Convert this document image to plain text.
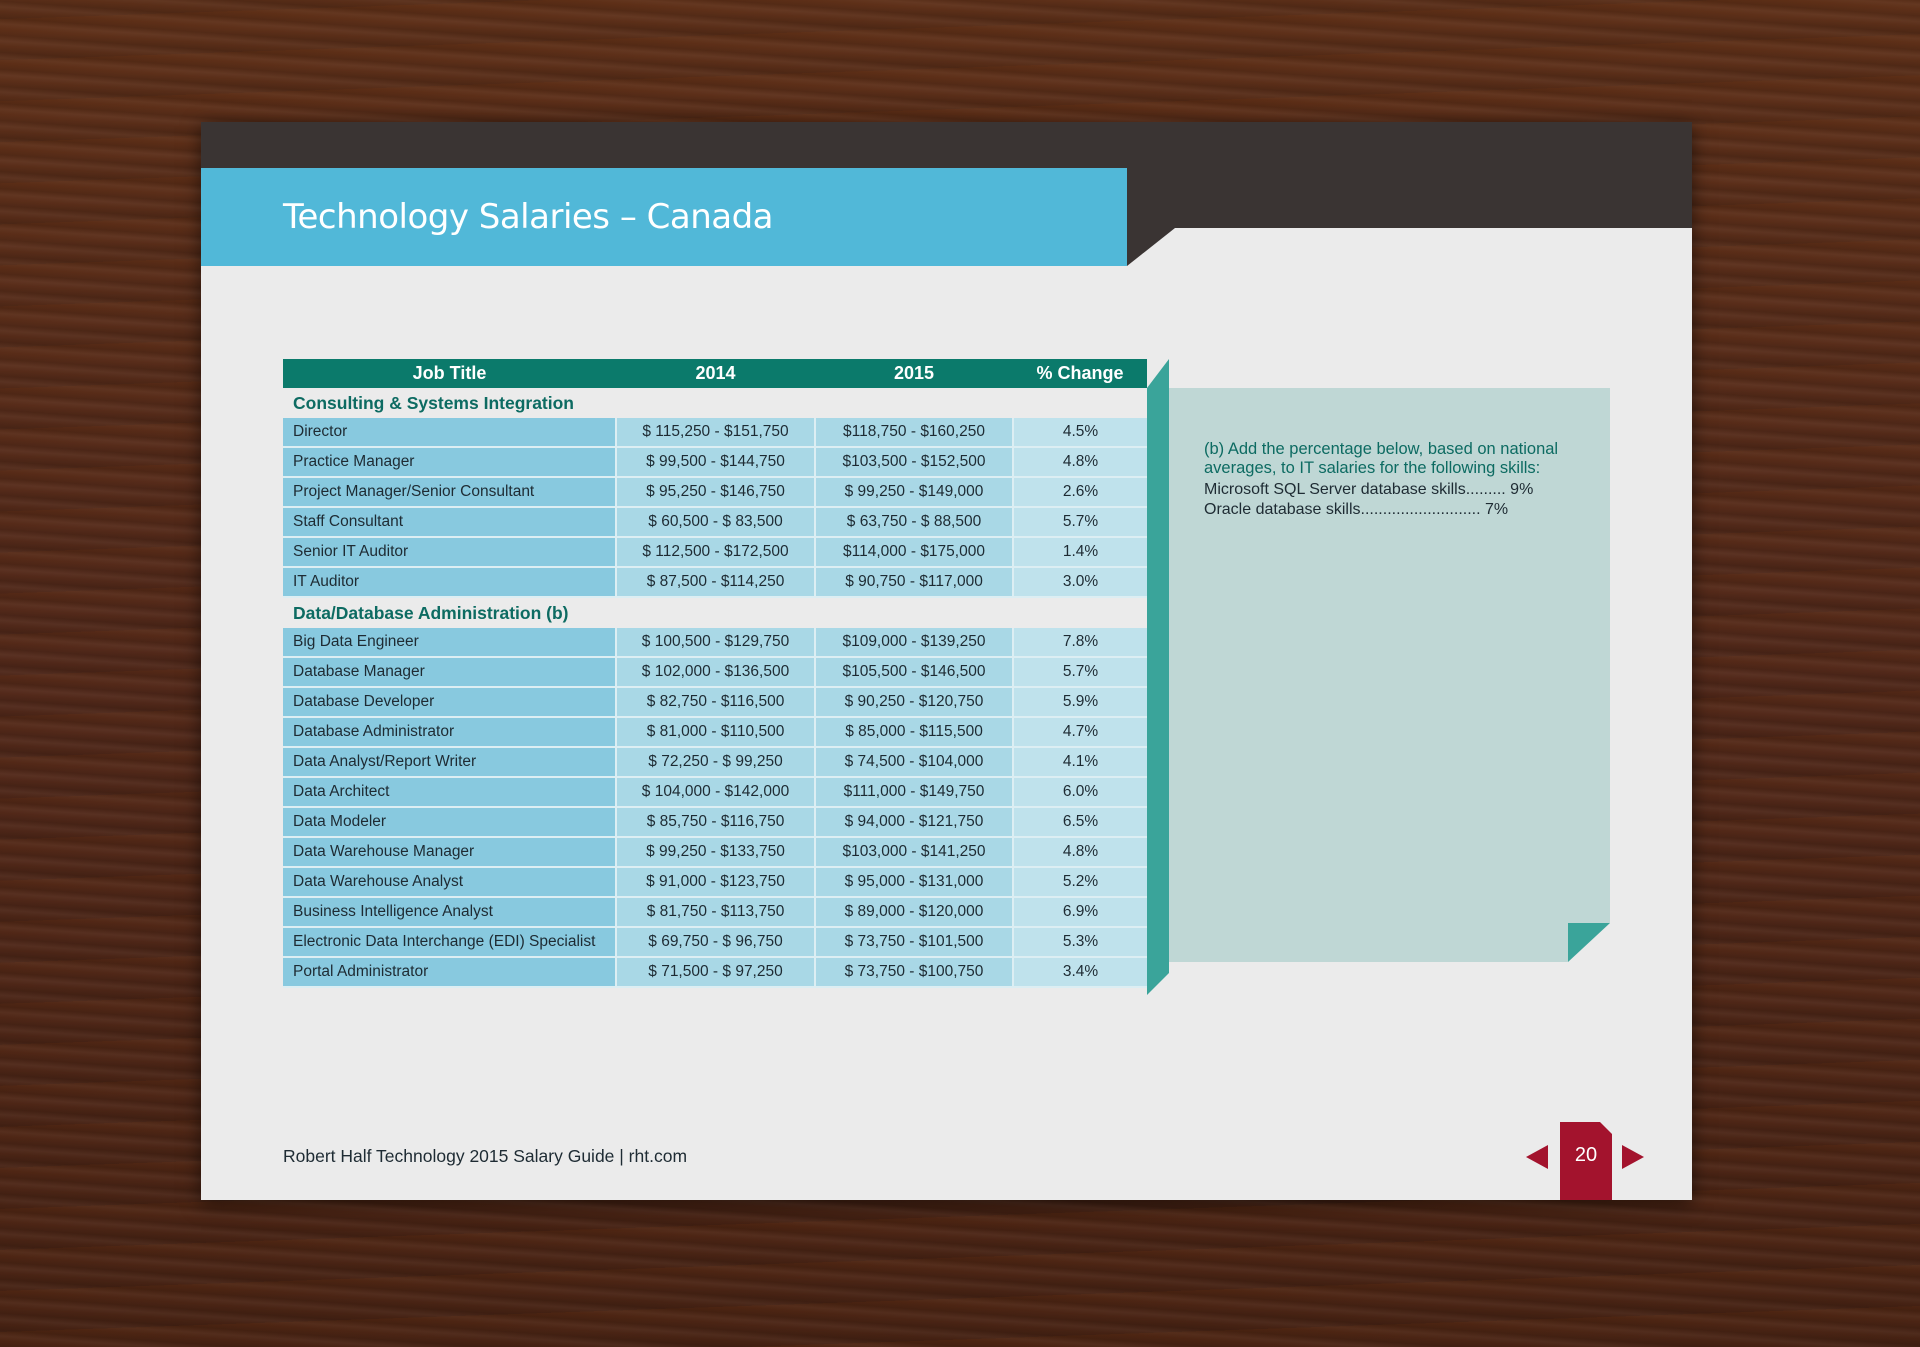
Technology Salaries – Canada
Job Title	2014	2015	% Change
Consulting & Systems Integration			
Director	$ 115,250 - $151,750	$118,750 - $160,250	4.5%
Practice Manager	$ 99,500 - $144,750	$103,500 - $152,500	4.8%
Project Manager/Senior Consultant	$ 95,250 - $146,750	$ 99,250 - $149,000	2.6%
Staff Consultant	$ 60,500 - $ 83,500	$ 63,750 - $ 88,500	5.7%
Senior IT Auditor	$ 112,500 - $172,500	$114,000 - $175,000	1.4%
IT Auditor	$ 87,500 - $114,250	$ 90,750 - $117,000	3.0%
Data/Database Administration (b)			
Big Data Engineer	$ 100,500 - $129,750	$109,000 - $139,250	7.8%
Database Manager	$ 102,000 - $136,500	$105,500 - $146,500	5.7%
Database Developer	$ 82,750 - $116,500	$ 90,250 - $120,750	5.9%
Database Administrator	$ 81,000 - $110,500	$ 85,000 - $115,500	4.7%
Data Analyst/Report Writer	$ 72,250 - $ 99,250	$ 74,500 - $104,000	4.1%
Data Architect	$ 104,000 - $142,000	$111,000 - $149,750	6.0%
Data Modeler	$ 85,750 - $116,750	$ 94,000 - $121,750	6.5%
Data Warehouse Manager	$ 99,250 - $133,750	$103,000 - $141,250	4.8%
Data Warehouse Analyst	$ 91,000 - $123,750	$ 95,000 - $131,000	5.2%
Business Intelligence Analyst	$ 81,750 - $113,750	$ 89,000 - $120,000	6.9%
Electronic Data Interchange (EDI) Specialist	$ 69,750 - $ 96,750	$ 73,750 - $101,500	5.3%
Portal Administrator	$ 71,500 - $ 97,250	$ 73,750 - $100,750	3.4%

(b) Add the percentage below, based on national averages, to IT salaries for the following skills:

Microsoft SQL Server database skills......... 9%

Oracle database skills........................... 7%

Robert Half Technology 2015 Salary Guide | rht.com	20
